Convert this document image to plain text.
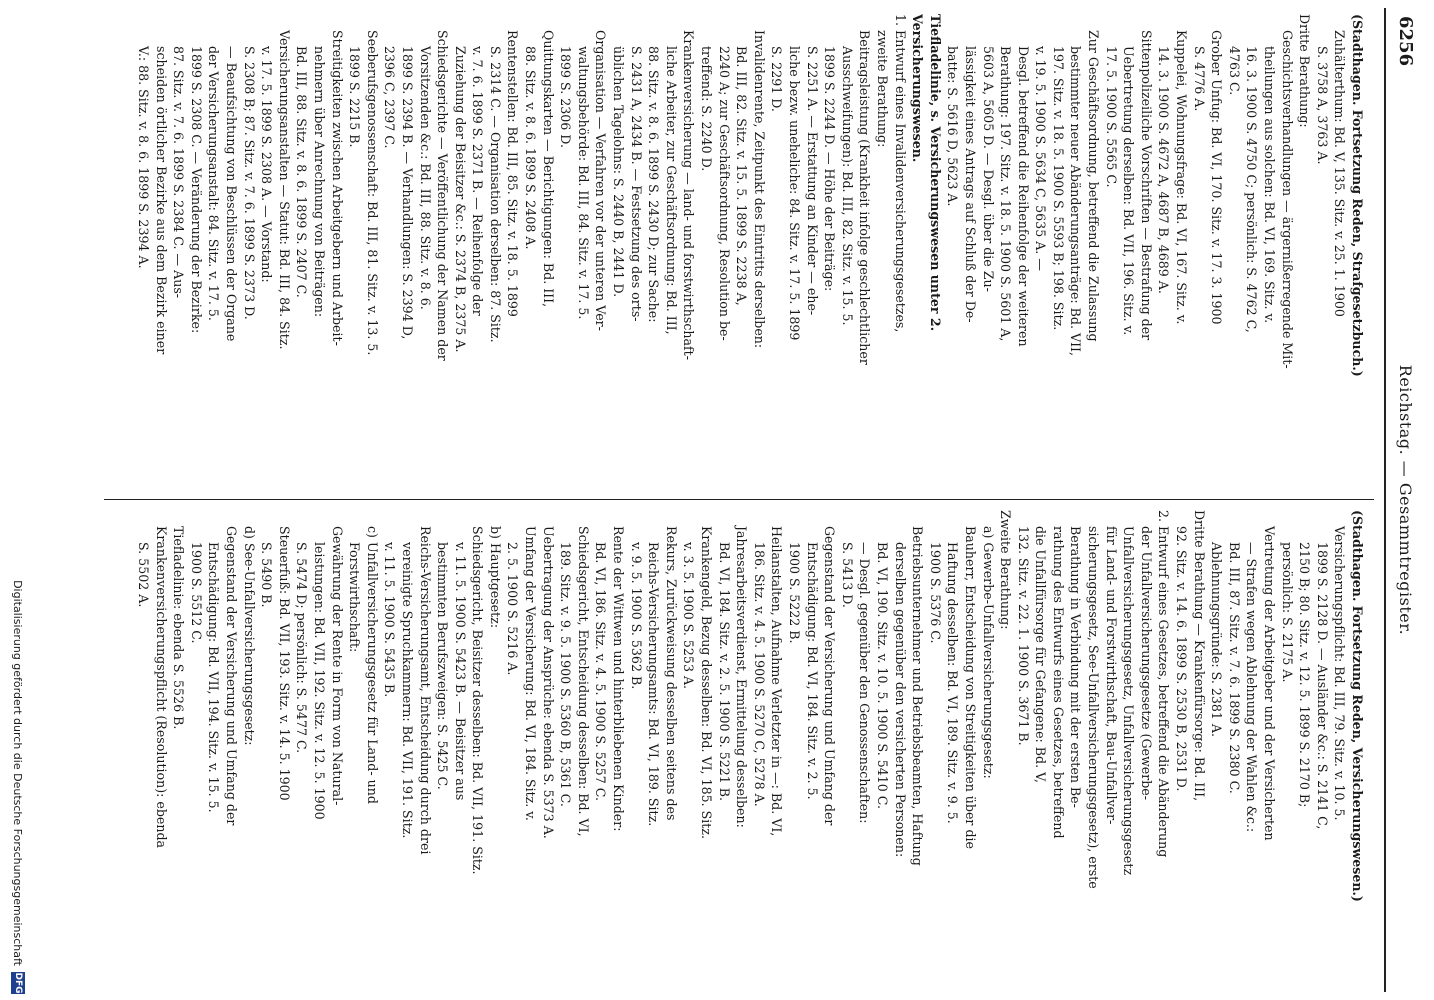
6256
Reichstag. — Gesammtregister.
(Stadthagen. Fortsetzung Reden, Strafgesetzbuch.)
Zuhälterthum: Bd. V, 135. Sitz. v. 25. 1. 1900
S. 3758 A, 3763 A.
Dritte Berathung:
Geschichtsverhandlungen — ärgernißerregende Mit-
theilungen aus solchen: Bd. VI, 169. Sitz. v.
16. 3. 1900 S. 4750 C; persönlich: S. 4762 C,
4763 C.
Grober Unfug: Bd. VI, 170. Sitz. v. 17. 3. 1900
S. 4776 A.
Kuppelei, Wohnungsfrage: Bd. VI, 167. Sitz. v.
14. 3. 1900 S. 4672 A, 4687 B, 4689 A.
Sittenpolizeiliche Vorschriften — Bestrafung der
Uebertretung derselben: Bd. VII, 196. Sitz. v.
17. 5. 1900 S. 5565 C.
Zur Geschäftsordnung, betreffend die Zulassung
bestimmter neuer Abänderungsanträge: Bd. VII,
197. Sitz. v. 18. 5. 1900 S. 5593 B; 198. Sitz.
v. 19. 5. 1900 S. 5634 C, 5635 A. —
Desgl. betreffend die Reihenfolge der weiteren
Berathung: 197. Sitz. v. 18. 5. 1900 S. 5601 A,
5603 A, 5605 D. — Desgl. über die Zu-
lässigkeit eines Antrags auf Schluß der De-
batte: S. 5616 D, 5623 A.
Tiefladelinie, s. Versicherungswesen unter 2.
Versicherungswesen.
1. Entwurf eines Invalidenversicherungsgesetzes,
zweite Berathung:
Beitragsleistung (Krankheit infolge geschlechtlicher
Ausschweifungen): Bd. III, 82. Sitz. v. 15. 5.
1899 S. 2244 D. — Höhe der Beiträge:
S. 2251 A. — Erstattung an Kinder — ehe-
liche bezw. uneheliche: 84. Sitz. v. 17. 5. 1899
S. 2291 D.
Invalidenrente, Zeitpunkt des Eintritts derselben:
Bd. III, 82. Sitz. v. 15. 5. 1899 S. 2238 A,
2240 A; zur Geschäftsordnung, Resolution be-
treffend: S. 2240 D.
Krankenversicherung — land- und forstwirthschaft-
liche Arbeiter, zur Geschäftsordnung: Bd. III,
88. Sitz. v. 8. 6. 1899 S. 2430 D; zur Sache:
S. 2431 A, 2434 B. — Festsetzung des orts-
üblichen Tagelohns: S. 2440 B, 2441 D.
Organisation — Verfahren vor der unteren Ver-
waltungsbehörde: Bd. III, 84. Sitz. v. 17. 5.
1899 S. 2306 D.
Quittungskarten — Berichtigungen: Bd. III,
88. Sitz. v. 8. 6. 1899 S. 2408 A.
Rentenstellen: Bd. III, 85. Sitz. v. 18. 5. 1899
S. 2314 C. — Organisation derselben: 87. Sitz.
v. 7. 6. 1899 S. 2371 B. — Reihenfolge der
Zuziehung der Beisitzer &c.: S. 2374 B, 2375 A.
Schiedsgerichte — Veröffentlichung der Namen der
Vorsitzenden &c.: Bd. III, 88. Sitz. v. 8. 6.
1899 S. 2394 B. — Verhandlungen: S. 2394 D,
2396 C, 2397 C.
Seeberufsgenossenschaft: Bd. III, 81. Sitz. v. 13. 5.
1899 S. 2215 B.
Streitigkeiten zwischen Arbeitgebern und Arbeit-
nehmern über Anrechnung von Beiträgen:
Bd. III, 88. Sitz. v. 8. 6. 1899 S. 2407 C.
Versicherungsanstalten — Statut: Bd. III, 84. Sitz.
v. 17. 5. 1899 S. 2308 A. — Vorstand:
S. 2308 B; 87. Sitz. v. 7. 6. 1899 S. 2373 D.
— Beaufsichtung von Beschlüssen der Organe
der Versicherungsanstalt: 84. Sitz. v. 17. 5.
1899 S. 2308 C. — Veränderung der Bezirke:
87. Sitz. v. 7. 6. 1899 S. 2384 C. — Aus-
scheiden örtlicher Bezirke aus dem Bezirk einer
V.: 88. Sitz. v. 8. 6. 1899 S. 2394 A.
(Stadthagen. Fortsetzung Reden, Versicherungswesen.)
Versicherungspflicht: Bd. III, 79. Sitz. v. 10. 5.
1899 S. 2128 D. — Ausländer &c.: S. 2141 C,
2150 B; 80. Sitz. v. 12. 5. 1899 S. 2170 B;
persönlich: S. 2175 A.
Vertretung der Arbeitgeber und der Versicherten
— Strafen wegen Ablehnung der Wahlen &c.:
Bd. III, 87. Sitz. v. 7. 6. 1899 S. 2380 C.
Ablehnungsgründe: S. 2381 A.
Dritte Berathung — Krankenfürsorge: Bd. III,
92. Sitz. v. 14. 6. 1899 S. 2530 B, 2531 D.
2. Entwurf eines Gesetzes, betreffend die Abänderung
der Unfallversicherungsgesetze (Gewerbe-
Unfallversicherungsgesetz, Unfallversicherungsgesetz
für Land- und Forstwirthschaft, Bau-Unfallver-
sicherungsgesetz, See-Unfallversicherungsgesetz), erste
Berathung in Verbindung mit der ersten Be-
rathung des Entwurfs eines Gesetzes, betreffend
die Unfallfürsorge für Gefangene: Bd. V,
132. Sitz. v. 22. 1. 1900 S. 3671 B.
Zweite Berathung:
a) Gewerbe-Unfallversicherungsgesetz:
Bauherr, Entscheidung von Streitigkeiten über die
Haftung desselben: Bd. VI, 189. Sitz. v. 9. 5.
1900 S. 5376 C.
Betriebsunternehmer und Betriebsbeamten, Haftung
derselben gegenüber den versicherten Personen:
Bd. VI, 190. Sitz. v. 10. 5. 1900 S. 5410 C.
— Desgl. gegenüber den Genossenschaften:
S. 5413 D.
Gegenstand der Versicherung und Umfang der
Entschädigung: Bd. VI, 184. Sitz. v. 2. 5.
1900 S. 5222 B.
Heilanstalten, Aufnahme Verletzter in —: Bd. VI,
186. Sitz. v. 4. 5. 1900 S. 5270 C, 5278 A.
Jahresarbeitsverdienst, Ermittelung desselben:
Bd. VI, 184. Sitz. v. 2. 5. 1900 S. 5221 B.
Krankengeld, Bezug desselben: Bd. VI, 185. Sitz.
v. 3. 5. 1900 S. 5253 A.
Rekurs, Zurückweisung desselben seitens des
Reichs-Versicherungsamts: Bd. VI, 189. Sitz.
v. 9. 5. 1900 S. 5362 B.
Rente der Wittwen und hinterbliebenen Kinder:
Bd. VI, 186. Sitz. v. 4. 5. 1900 S. 5257 C.
Schiedsgericht, Entscheidung desselben: Bd. VI,
189. Sitz. v. 9. 5. 1900 S. 5360 B, 5361 C.
Uebertragung der Ansprüche: ebenda S. 5373 A.
Umfang der Versicherung: Bd. VI, 184. Sitz. v.
2. 5. 1900 S. 5216 A.
b) Hauptgesetz:
Schiedsgericht, Beisitzer desselben: Bd. VII, 191. Sitz.
v. 11. 5. 1900 S. 5423 B. — Beisitzer aus
bestimmten Berufszweigen: S. 5425 C.
Reichs-Versicherungsamt, Entscheidung durch drei
vereinigte Spruchkammern: Bd. VII, 191. Sitz.
v. 11. 5. 1900 S. 5435 B.
c) Unfallversicherungsgesetz für Land- und
Forstwirthschaft:
Gewährung der Rente in Form von Natural-
leistungen: Bd. VII, 192. Sitz. v. 12. 5. 1900
S. 5474 D; persönlich: S. 5477 C.
Steuerfuß: Bd. VII, 193. Sitz. v. 14. 5. 1900
S. 5490 B.
d) See-Unfallversicherungsgesetz:
Gegenstand der Versicherung und Umfang der
Entschädigung: Bd. VII, 194. Sitz. v. 15. 5.
1900 S. 5512 C.
Tiefladelinie: ebenda S. 5526 B.
Krankenversicherungspflicht (Resolution): ebenda
S. 5502 A.
Digitalisierung gefördert durch die Deutsche Forschungsgemeinschaft
DFG
